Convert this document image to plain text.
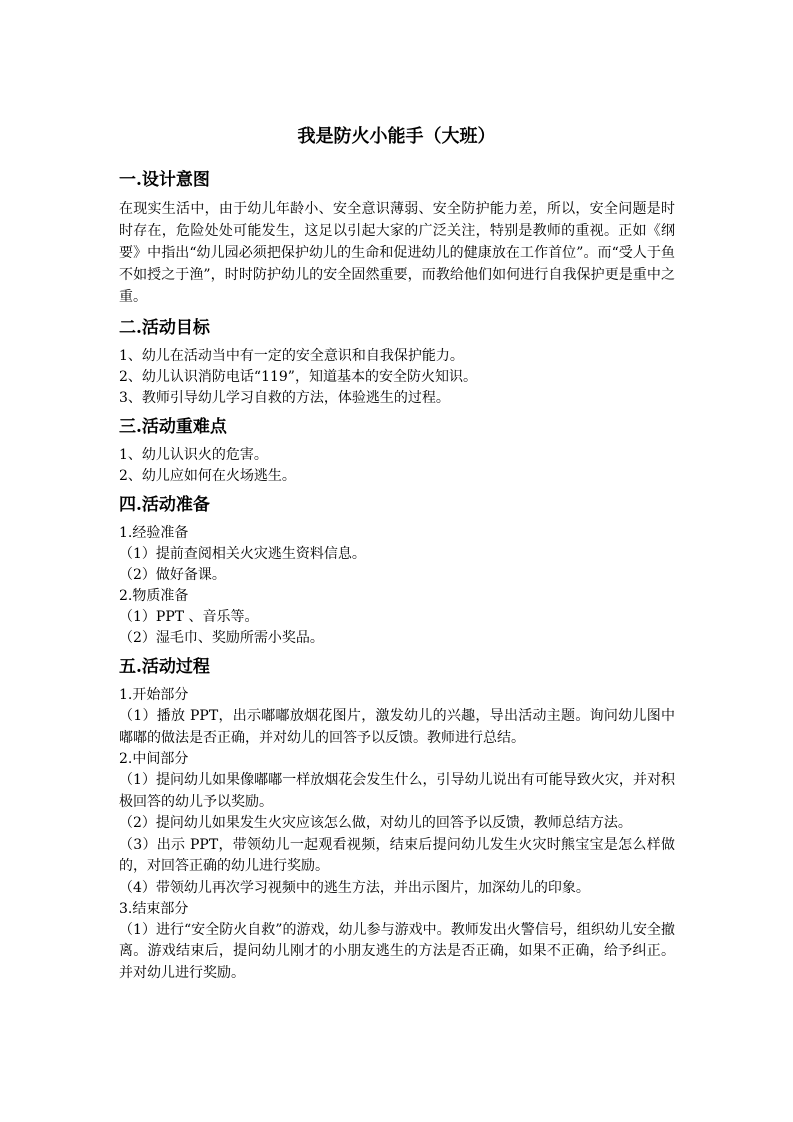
我是防火小能手（大班）
一.设计意图

在现实生活中，由于幼儿年龄小、安全意识薄弱、安全防护能力差，所以，安全问题是时时存在，危险处处可能发生，这足以引起大家的广泛关注，特别是教师的重视。正如《纲要》中指出“幼儿园必须把保护幼儿的生命和促进幼儿的健康放在工作首位”。而“受人于鱼不如授之于渔”，时时防护幼儿的安全固然重要，而教给他们如何进行自我保护更是重中之重。

二.活动目标

1、幼儿在活动当中有一定的安全意识和自我保护能力。

2、幼儿认识消防电话“119”，知道基本的安全防火知识。

3、教师引导幼儿学习自救的方法，体验逃生的过程。

三.活动重难点

1、幼儿认识火的危害。

2、幼儿应如何在火场逃生。

四.活动准备

1.经验准备

（1）提前查阅相关火灾逃生资料信息。

（2）做好备课。

2.物质准备

（1）PPT 、音乐等。

（2）湿毛巾、奖励所需小奖品。

五.活动过程

1.开始部分

（1）播放 PPT，出示嘟嘟放烟花图片，激发幼儿的兴趣，导出活动主题。询问幼儿图中嘟嘟的做法是否正确，并对幼儿的回答予以反馈。教师进行总结。

2.中间部分

（1）提问幼儿如果像嘟嘟一样放烟花会发生什么，引导幼儿说出有可能导致火灾，并对积极回答的幼儿予以奖励。

（2）提问幼儿如果发生火灾应该怎么做，对幼儿的回答予以反馈，教师总结方法。

（3）出示 PPT，带领幼儿一起观看视频，结束后提问幼儿发生火灾时熊宝宝是怎么样做的，对回答正确的幼儿进行奖励。

（4）带领幼儿再次学习视频中的逃生方法，并出示图片，加深幼儿的印象。

3.结束部分

（1）进行“安全防火自救”的游戏，幼儿参与游戏中。教师发出火警信号，组织幼儿安全撤离。游戏结束后，提问幼儿刚才的小朋友逃生的方法是否正确，如果不正确，给予纠正。并对幼儿进行奖励。
